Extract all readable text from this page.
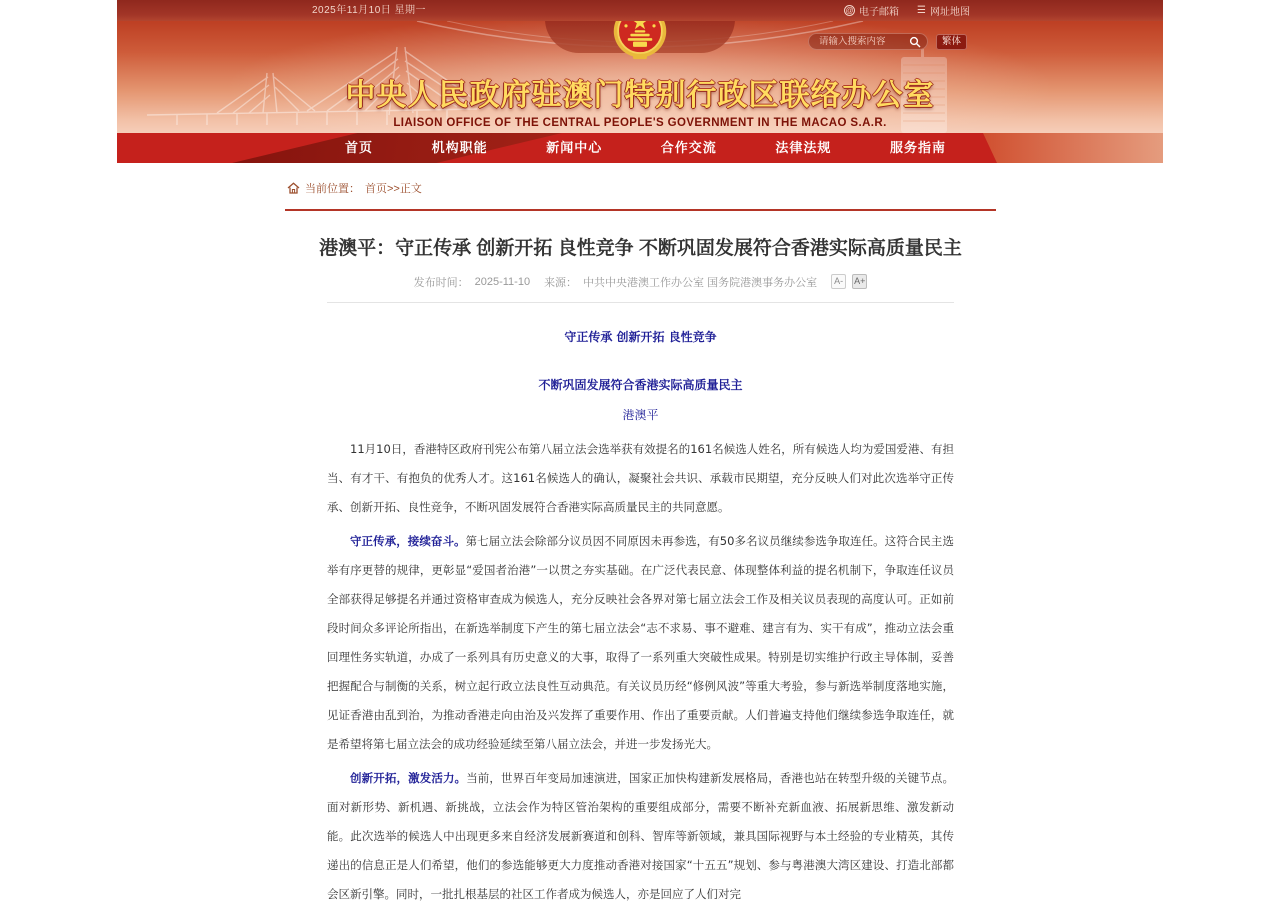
2025年11月10日 星期一	@ 电子邮箱 ☰ 网址地图
请输入搜索内容
繁体
中央人民政府驻澳门特别行政区联络办公室
LIAISON OFFICE OF THE CENTRAL PEOPLE'S GOVERNMENT IN THE MACAO S.A.R.
首页	机构职能	新闻中心	合作交流	法律法规	服务指南
当前位置： 首页>>正文
港澳平：守正传承 创新开拓 良性竞争 不断巩固发展符合香港实际高质量民主
发布时间： 2025-11-10 来源： 中共中央港澳工作办公室 国务院港澳事务办公室	A-	A+
守正传承 创新开拓 良性竞争
不断巩固发展符合香港实际高质量民主
港澳平

11月10日，香港特区政府刊宪公布第八届立法会选举获有效提名的161名候选人姓名，所有候选人均为爱国爱港、有担当、有才干、有抱负的优秀人才。这161名候选人的确认，凝聚社会共识、承载市民期望，充分反映人们对此次选举守正传承、创新开拓、良性竞争，不断巩固发展符合香港实际高质量民主的共同意愿。

守正传承，接续奋斗。第七届立法会除部分议员因不同原因未再参选，有50多名议员继续参选争取连任。这符合民主选举有序更替的规律，更彰显“爱国者治港”一以贯之夯实基础。在广泛代表民意、体现整体利益的提名机制下，争取连任议员全部获得足够提名并通过资格审查成为候选人，充分反映社会各界对第七届立法会工作及相关议员表现的高度认可。正如前段时间众多评论所指出，在新选举制度下产生的第七届立法会“志不求易、事不避难、建言有为、实干有成”，推动立法会重回理性务实轨道，办成了一系列具有历史意义的大事，取得了一系列重大突破性成果。特别是切实维护行政主导体制，妥善把握配合与制衡的关系，树立起行政立法良性互动典范。有关议员历经“修例风波”等重大考验，参与新选举制度落地实施，见证香港由乱到治，为推动香港走向由治及兴发挥了重要作用、作出了重要贡献。人们普遍支持他们继续参选争取连任，就是希望将第七届立法会的成功经验延续至第八届立法会，并进一步发扬光大。

创新开拓，激发活力。当前，世界百年变局加速演进，国家正加快构建新发展格局，香港也站在转型升级的关键节点。面对新形势、新机遇、新挑战，立法会作为特区管治架构的重要组成部分，需要不断补充新血液、拓展新思维、激发新动能。此次选举的候选人中出现更多来自经济发展新赛道和创科、智库等新领域，兼具国际视野与本土经验的专业精英，其传递出的信息正是人们希望，他们的参选能够更大力度推动香港对接国家“十五五”规划、参与粤港澳大湾区建设、打造北部都会区新引擎。同时，一批扎根基层的社区工作者成为候选人，亦是回应了人们对完
